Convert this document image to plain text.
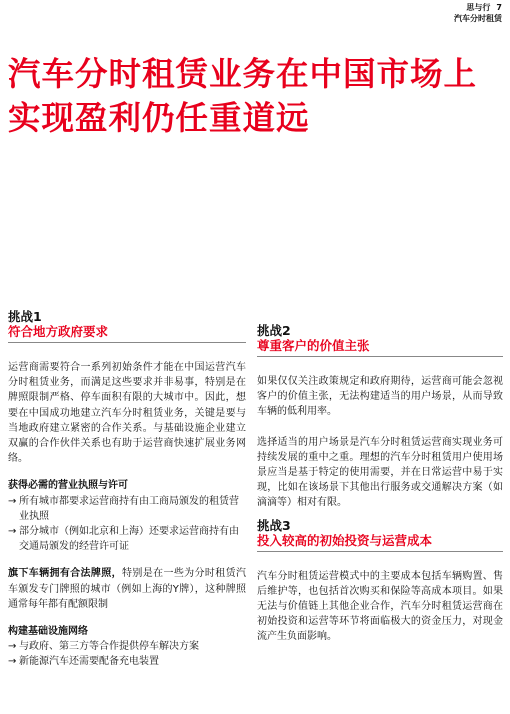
思与行 7
汽车分时租赁
汽车分时租赁业务在中国市场上实现盈利仍任重道远
挑战1
符合地方政府要求

运营商需要符合一系列初始条件才能在中国运营汽车分时租赁业务，而满足这些要求并非易事，特别是在牌照限制严格、停车面积有限的大城市中。因此，想要在中国成功地建立汽车分时租赁业务，关键是要与当地政府建立紧密的合作关系。与基础设施企业建立双赢的合作伙伴关系也有助于运营商快速扩展业务网络。

获得必需的营业执照与许可
→ 所有城市都要求运营商持有由工商局颁发的租赁营业执照
→ 部分城市（例如北京和上海）还要求运营商持有由交通局颁发的经营许可证

旗下车辆拥有合法牌照，特别是在一些为分时租赁汽车颁发专门牌照的城市（例如上海的Y牌），这种牌照通常每年都有配额限制

构建基础设施网络
→ 与政府、第三方等合作提供停车解决方案
→ 新能源汽车还需要配备充电装置
挑战2
尊重客户的价值主张

如果仅仅关注政策规定和政府期待，运营商可能会忽视客户的价值主张，无法构建适当的用户场景，从而导致车辆的低利用率。

选择适当的用户场景是汽车分时租赁运营商实现业务可持续发展的重中之重。理想的汽车分时租赁用户使用场景应当是基于特定的使用需要，并在日常运营中易于实现，比如在该场景下其他出行服务或交通解决方案（如滴滴等）相对有限。

挑战3
投入较高的初始投资与运营成本

汽车分时租赁运营模式中的主要成本包括车辆购置、售后维护等，也包括首次购买和保险等高成本项目。如果无法与价值链上其他企业合作，汽车分时租赁运营商在初始投资和运营等环节将面临极大的资金压力，对现金流产生负面影响。
